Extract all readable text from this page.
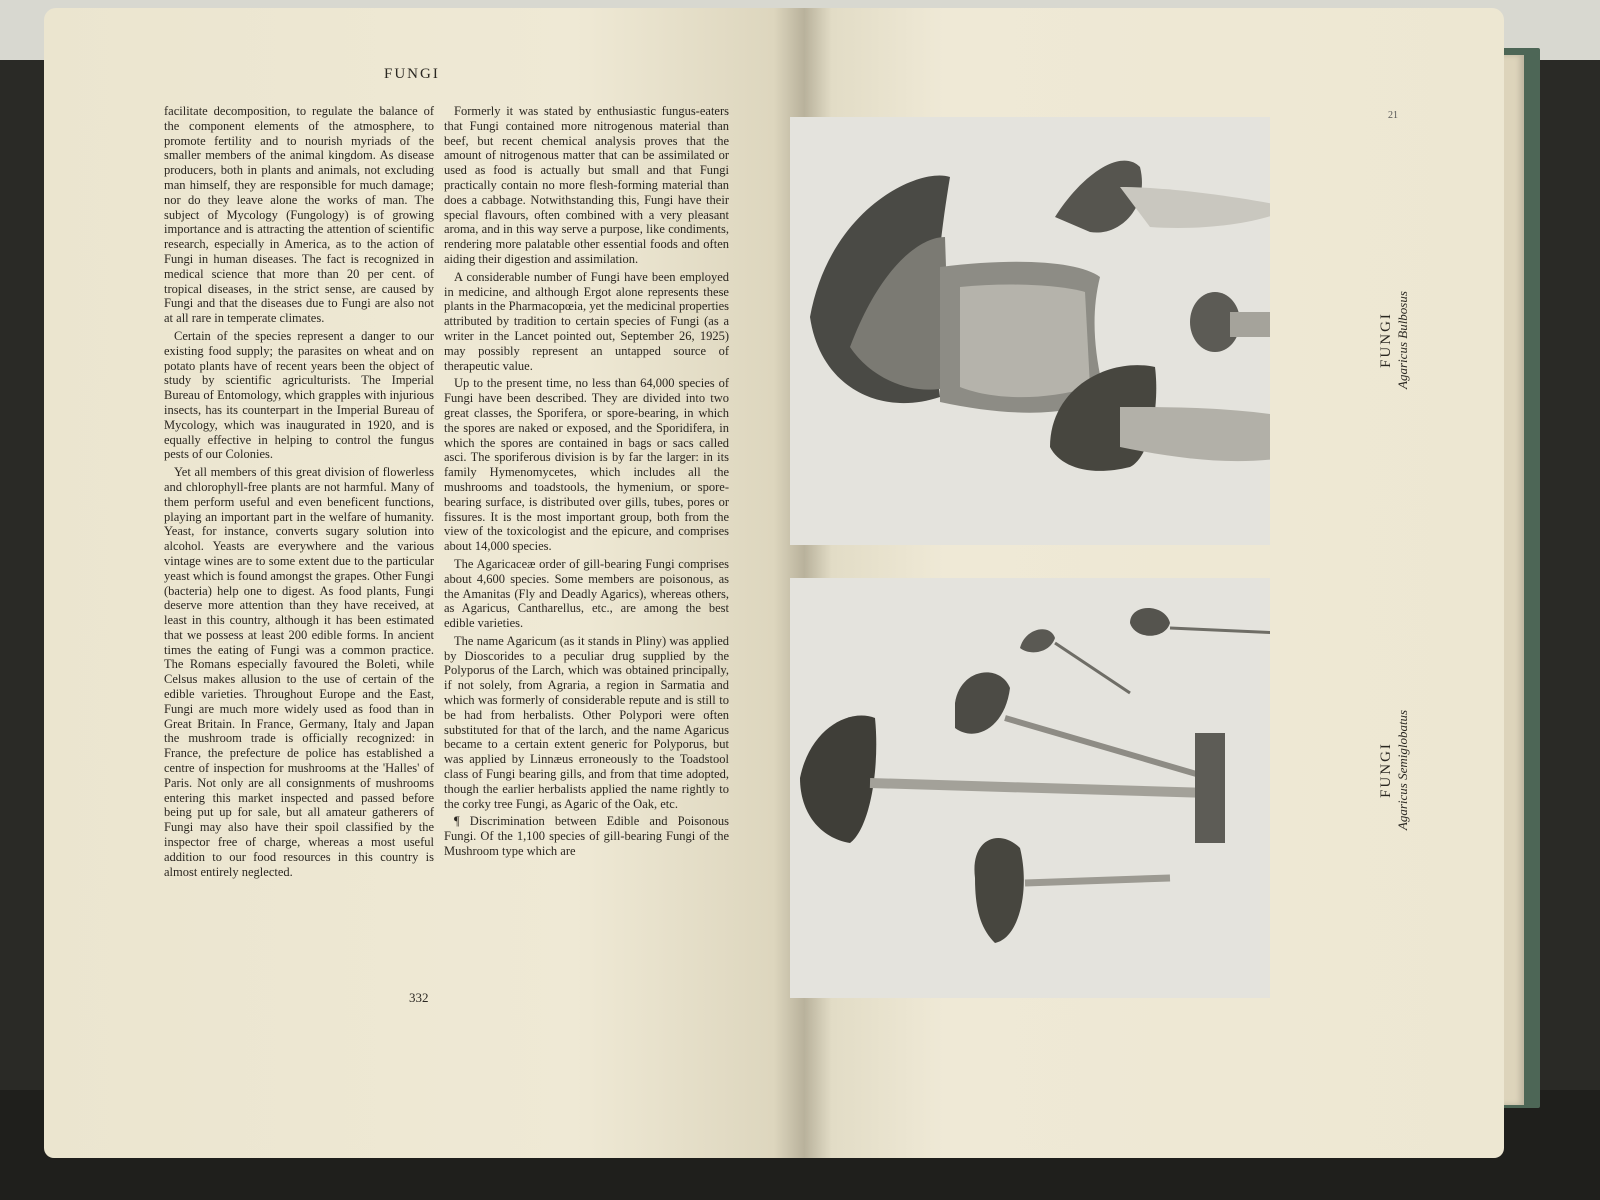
FUNGI

facilitate decomposition, to regulate the balance of the component elements of the atmosphere, to promote fertility and to nourish myriads of the smaller members of the animal kingdom. As disease producers, both in plants and animals, not excluding man himself, they are responsible for much damage; nor do they leave alone the works of man. The subject of Mycology (Fungology) is of growing importance and is attracting the attention of scientific research, especially in America, as to the action of Fungi in human diseases. The fact is recognized in medical science that more than 20 per cent. of tropical diseases, in the strict sense, are caused by Fungi and that the diseases due to Fungi are also not at all rare in temperate climates.

Certain of the species represent a danger to our existing food supply; the parasites on wheat and on potato plants have of recent years been the object of study by scientific agriculturists. The Imperial Bureau of Entomology, which grapples with injurious insects, has its counterpart in the Imperial Bureau of Mycology, which was inaugurated in 1920, and is equally effective in helping to control the fungus pests of our Colonies.

Yet all members of this great division of flowerless and chlorophyll-free plants are not harmful. Many of them perform useful and even beneficent functions, playing an important part in the welfare of humanity. Yeast, for instance, converts sugary solution into alcohol. Yeasts are everywhere and the various vintage wines are to some extent due to the particular yeast which is found amongst the grapes. Other Fungi (bacteria) help one to digest. As food plants, Fungi deserve more attention than they have received, at least in this country, although it has been estimated that we possess at least 200 edible forms. In ancient times the eating of Fungi was a common practice. The Romans especially favoured the Boleti, while Celsus makes allusion to the use of certain of the edible varieties. Throughout Europe and the East, Fungi are much more widely used as food than in Great Britain. In France, Germany, Italy and Japan the mushroom trade is officially recognized: in France, the prefecture de police has established a centre of inspection for mushrooms at the 'Halles' of Paris. Not only are all consignments of mushrooms entering this market inspected and passed before being put up for sale, but all amateur gatherers of Fungi may also have their spoil classified by the inspector free of charge, whereas a most useful addition to our food resources in this country is almost entirely neglected.

Formerly it was stated by enthusiastic fungus-eaters that Fungi contained more nitrogenous material than beef, but recent chemical analysis proves that the amount of nitrogenous matter that can be assimilated or used as food is actually but small and that Fungi practically contain no more flesh-forming material than does a cabbage. Notwithstanding this, Fungi have their special flavours, often combined with a very pleasant aroma, and in this way serve a purpose, like condiments, rendering more palatable other essential foods and often aiding their digestion and assimilation.

A considerable number of Fungi have been employed in medicine, and although Ergot alone represents these plants in the Pharmacopœia, yet the medicinal properties attributed by tradition to certain species of Fungi (as a writer in the Lancet pointed out, September 26, 1925) may possibly represent an untapped source of therapeutic value.

Up to the present time, no less than 64,000 species of Fungi have been described. They are divided into two great classes, the Sporifera, or spore-bearing, in which the spores are naked or exposed, and the Sporidifera, in which the spores are contained in bags or sacs called asci. The sporiferous division is by far the larger: in its family Hymenomycetes, which includes all the mushrooms and toadstools, the hymenium, or spore-bearing surface, is distributed over gills, tubes, pores or fissures. It is the most important group, both from the view of the toxicologist and the epicure, and comprises about 14,000 species.

The Agaricaceæ order of gill-bearing Fungi comprises about 4,600 species. Some members are poisonous, as the Amanitas (Fly and Deadly Agarics), whereas others, as Agaricus, Cantharellus, etc., are among the best edible varieties.

The name Agaricum (as it stands in Pliny) was applied by Dioscorides to a peculiar drug supplied by the Polyporus of the Larch, which was obtained principally, if not solely, from Agraria, a region in Sarmatia and which was formerly of considerable repute and is still to be had from herbalists. Other Polypori were often substituted for that of the larch, and the name Agaricus became to a certain extent generic for Polyporus, but was applied by Linnæus erroneously to the Toadstool class of Fungi bearing gills, and from that time adopted, though the earlier herbalists applied the name rightly to the corky tree Fungi, as Agaric of the Oak, etc.

¶ Discrimination between Edible and Poisonous Fungi. Of the 1,100 species of gill-bearing Fungi of the Mushroom type which are

332
21
FUNGI Agaricus Bulbosus
FUNGI Agaricus Semiglobatus
